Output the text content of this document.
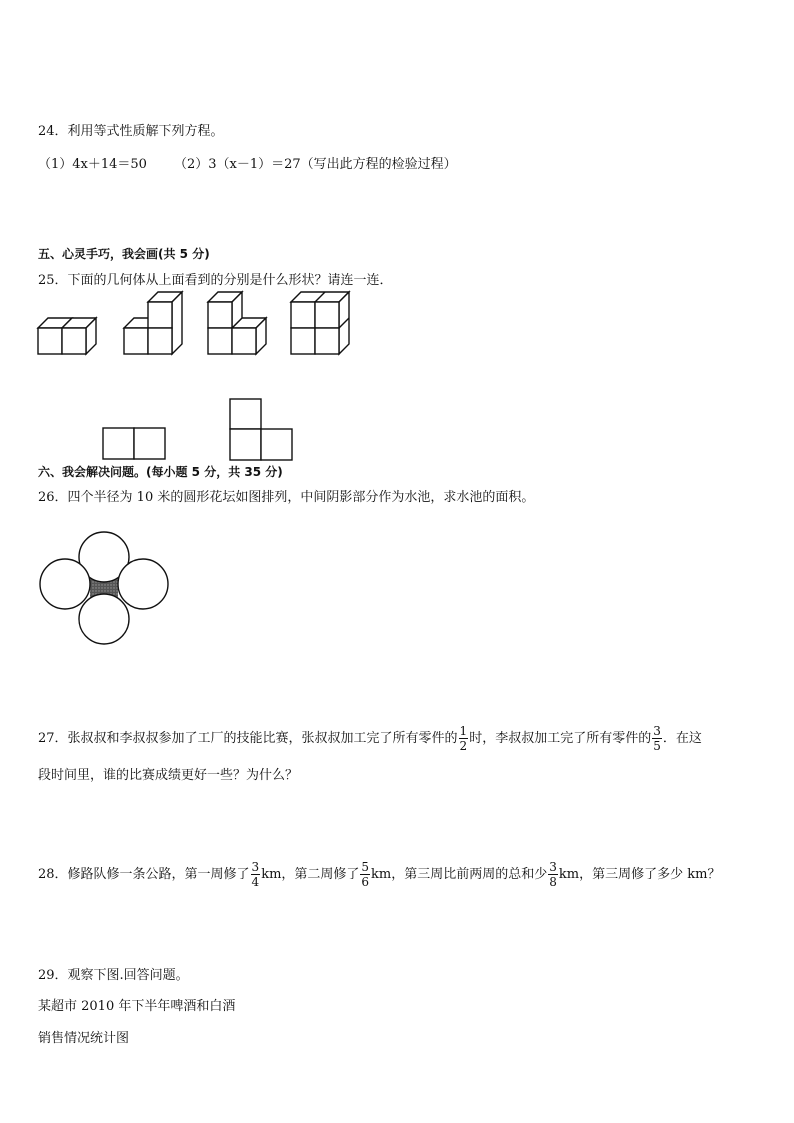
24．利用等式性质解下列方程。
（1）4x＋14＝50 （2）3（x－1）＝27（写出此方程的检验过程）
五、心灵手巧，我会画(共 5 分)
25．下面的几何体从上面看到的分别是什么形状？请连一连．
六、我会解决问题。(每小题 5 分，共 35 分)
26．四个半径为 10 米的圆形花坛如图排列，中间阴影部分作为水池，求水池的面积。
27．张叔叔和李叔叔参加了工厂的技能比赛，张叔叔加工完了所有零件的 $\frac{1}{2}$ 时，李叔叔加工完了所有零件的 $\frac{3}{5}$ ．在这
段时间里，谁的比赛成绩更好一些？为什么？
28．修路队修一条公路，第一周修了 $\frac{3}{4}$ km，第二周修了 $\frac{5}{6}$ km，第三周比前两周的总和少 $\frac{3}{8}$ km，第三周修了多少 km？
29．观察下图.回答问题。
某超市 2010 年下半年啤酒和白酒
销售情况统计图
